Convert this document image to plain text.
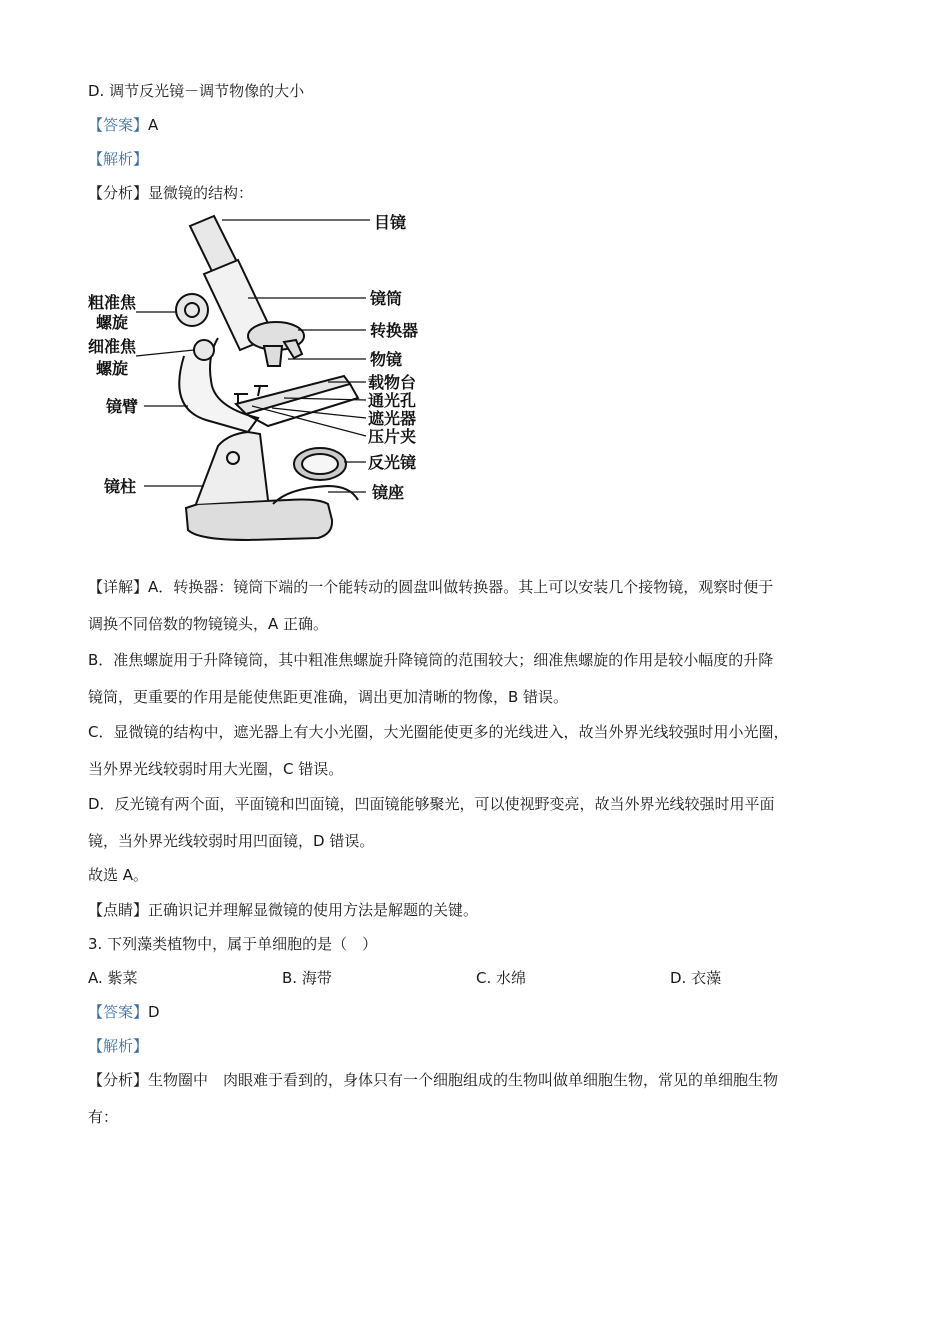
D. 调节反光镜－调节物像的大小
【答案】A
【解析】
【分析】显微镜的结构：
目镜
镜筒
转换器
物镜
载物台
通光孔
遮光器
压片夹
反光镜
镜座
粗准焦
螺旋
细准焦
螺旋
镜臂
镜柱
【详解】A．转换器：镜筒下端的一个能转动的圆盘叫做转换器。其上可以安装几个接物镜，观察时便于
调换不同倍数的物镜镜头，A 正确。
B．准焦螺旋用于升降镜筒，其中粗准焦螺旋升降镜筒的范围较大；细准焦螺旋的作用是较小幅度的升降
镜筒，更重要的作用是能使焦距更准确，调出更加清晰的物像，B 错误。
C．显微镜的结构中，遮光器上有大小光圈，大光圈能使更多的光线进入，故当外界光线较强时用小光圈，
当外界光线较弱时用大光圈，C 错误。
D．反光镜有两个面，平面镜和凹面镜，凹面镜能够聚光，可以使视野变亮，故当外界光线较强时用平面
镜，当外界光线较弱时用凹面镜，D 错误。
故选 A。
【点睛】正确识记并理解显微镜的使用方法是解题的关键。
3. 下列藻类植物中，属于单细胞的是（　）
A. 紫菜	B. 海带	C. 水绵	D. 衣藻
【答案】D
【解析】
【分析】生物圈中　肉眼难于看到的，身体只有一个细胞组成的生物叫做单细胞生物，常见的单细胞生物
有：
